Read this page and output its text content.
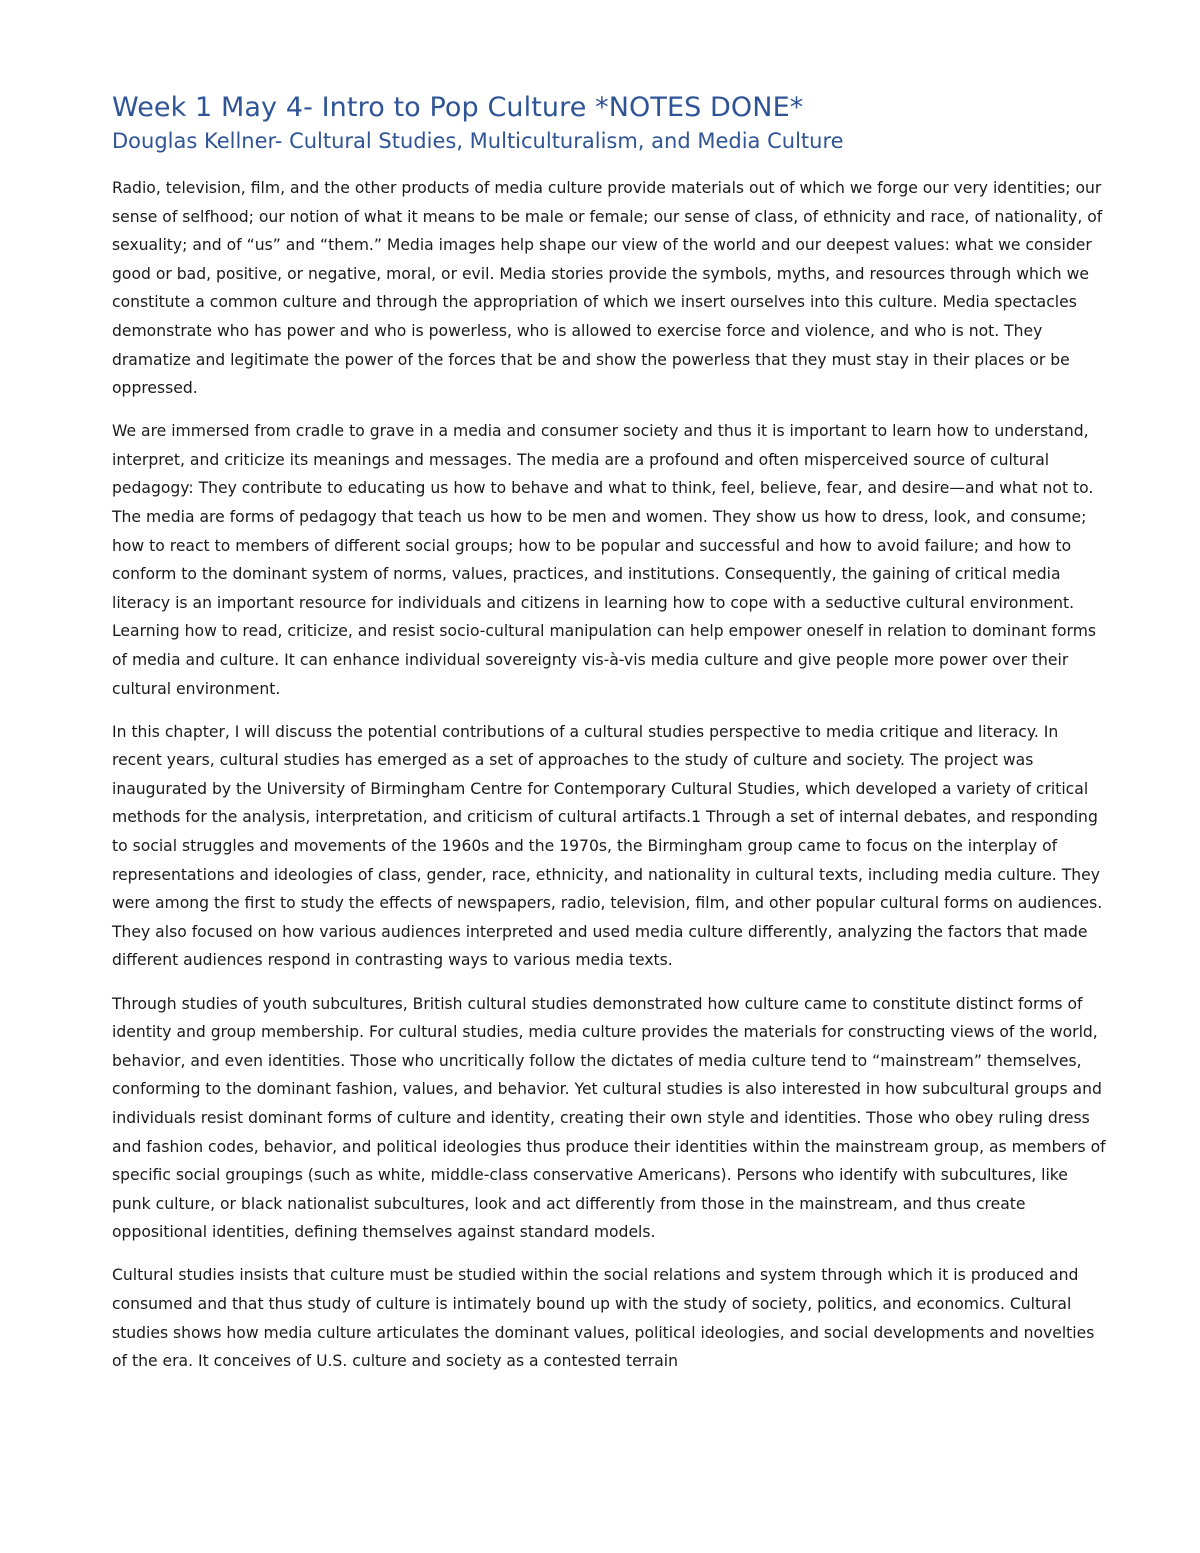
Week 1 May 4- Intro to Pop Culture *NOTES DONE*
Douglas Kellner- Cultural Studies, Multiculturalism, and Media Culture

Radio, television, film, and the other products of media culture provide materials out of which we forge our very identities; our sense of selfhood; our notion of what it means to be male or female; our sense of class, of ethnicity and race, of nationality, of sexuality; and of “us” and “them.” Media images help shape our view of the world and our deepest values: what we consider good or bad, positive, or negative, moral, or evil. Media stories provide the symbols, myths, and resources through which we constitute a common culture and through the appropriation of which we insert ourselves into this culture. Media spectacles demonstrate who has power and who is powerless, who is allowed to exercise force and violence, and who is not. They dramatize and legitimate the power of the forces that be and show the powerless that they must stay in their places or be oppressed.

We are immersed from cradle to grave in a media and consumer society and thus it is important to learn how to understand, interpret, and criticize its meanings and messages. The media are a profound and often misperceived source of cultural pedagogy: They contribute to educating us how to behave and what to think, feel, believe, fear, and desire—and what not to. The media are forms of pedagogy that teach us how to be men and women. They show us how to dress, look, and consume; how to react to members of different social groups; how to be popular and successful and how to avoid failure; and how to conform to the dominant system of norms, values, practices, and institutions. Consequently, the gaining of critical media literacy is an important resource for individuals and citizens in learning how to cope with a seductive cultural environment. Learning how to read, criticize, and resist socio-cultural manipulation can help empower oneself in relation to dominant forms of media and culture. It can enhance individual sovereignty vis-à-vis media culture and give people more power over their cultural environment.

In this chapter, I will discuss the potential contributions of a cultural studies perspective to media critique and literacy. In recent years, cultural studies has emerged as a set of approaches to the study of culture and society. The project was inaugurated by the University of Birmingham Centre for Contemporary Cultural Studies, which developed a variety of critical methods for the analysis, interpretation, and criticism of cultural artifacts.1 Through a set of internal debates, and responding to social struggles and movements of the 1960s and the 1970s, the Birmingham group came to focus on the interplay of representations and ideologies of class, gender, race, ethnicity, and nationality in cultural texts, including media culture. They were among the first to study the effects of newspapers, radio, television, film, and other popular cultural forms on audiences. They also focused on how various audiences interpreted and used media culture differently, analyzing the factors that made different audiences respond in contrasting ways to various media texts.

Through studies of youth subcultures, British cultural studies demonstrated how culture came to constitute distinct forms of identity and group membership. For cultural studies, media culture provides the materials for constructing views of the world, behavior, and even identities. Those who uncritically follow the dictates of media culture tend to “mainstream” themselves, conforming to the dominant fashion, values, and behavior. Yet cultural studies is also interested in how subcultural groups and individuals resist dominant forms of culture and identity, creating their own style and identities. Those who obey ruling dress and fashion codes, behavior, and political ideologies thus produce their identities within the mainstream group, as members of specific social groupings (such as white, middle-class conservative Americans). Persons who identify with subcultures, like punk culture, or black nationalist subcultures, look and act differently from those in the mainstream, and thus create oppositional identities, defining themselves against standard models.

Cultural studies insists that culture must be studied within the social relations and system through which it is produced and consumed and that thus study of culture is intimately bound up with the study of society, politics, and economics. Cultural studies shows how media culture articulates the dominant values, political ideologies, and social developments and novelties of the era. It conceives of U.S. culture and society as a contested terrain
